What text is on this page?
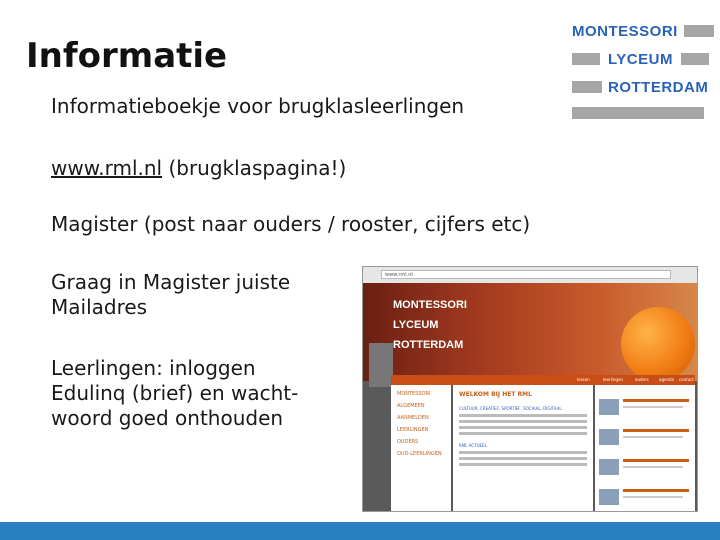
Informatie
MONTESSORI
LYCEUM
ROTTERDAM
Informatieboekje voor brugklasleerlingen
www.rml.nl (brugklaspagina!)
Magister (post naar ouders / rooster, cijfers etc)
Graag in Magister juiste
Mailadres
Leerlingen: inloggen
Edulinq (brief) en wacht-
woord goed onthouden
www.rml.nl
MONTESSORI
LYCEUM
ROTTERDAM
lessen	leerlingen	ouders	agenda contact
MONTESSORI
ALGEMEEN
AANMELDEN
LEERLINGEN
OUDERS
OUD-LEERLINGEN
WELKOM BIJ HET RML
CULTUUR, CREATIEF, SPORTIEF, SOCIAAL, DIGITAAL
RML ACTUEEL
